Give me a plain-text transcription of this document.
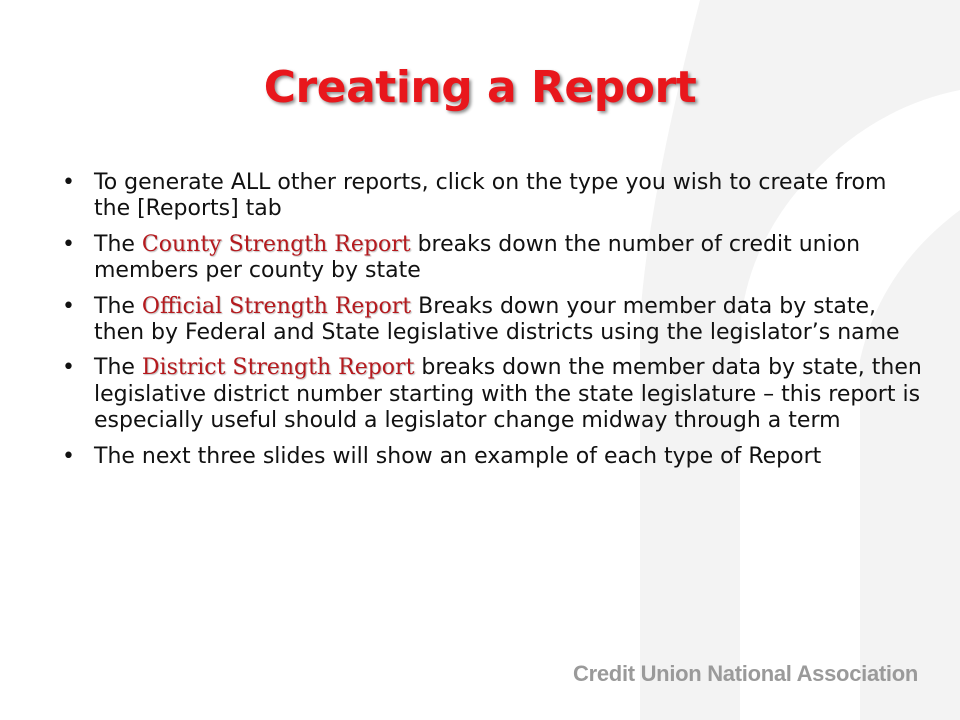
Creating a Report
• To generate ALL other reports, click on the type you wish to create from the [Reports] tab
• The County Strength Report breaks down the number of credit union members per county by state
• The Official Strength Report Breaks down your member data by state, then by Federal and State legislative districts using the legislator’s name
• The District Strength Report breaks down the member data by state, then legislative district number starting with the state legislature – this report is especially useful should a legislator change midway through a term
• The next three slides will show an example of each type of Report
Credit Union National Association
